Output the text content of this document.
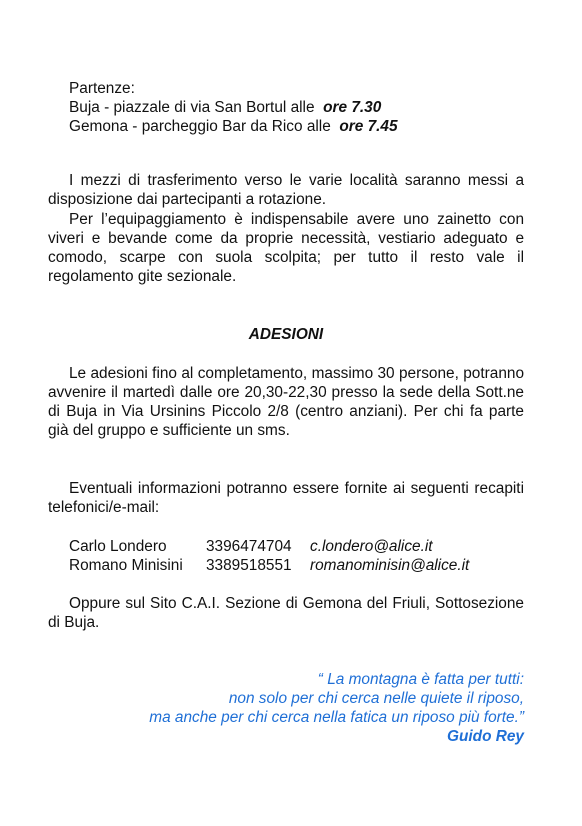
Partenze:
Buja - piazzale di via San Bortul alle ore 7.30
Gemona - parcheggio Bar da Rico alle ore 7.45
I mezzi di trasferimento verso le varie località saranno messi a disposizione dai partecipanti a rotazione.
Per l’equipaggiamento è indispensabile avere uno zainetto con viveri e bevande come da proprie necessità, vestiario adeguato e comodo, scarpe con suola scolpita; per tutto il resto vale il regolamento gite sezionale.
ADESIONI
Le adesioni fino al completamento, massimo 30 persone, potranno avvenire il martedì dalle ore 20,30-22,30 presso la sede della Sott.ne di Buja in Via Ursinins Piccolo 2/8 (centro anziani). Per chi fa parte già del gruppo e sufficiente un sms.
Eventuali informazioni potranno essere fornite ai seguenti recapiti telefonici/e-mail:
Carlo Londero	3396474704	c.londero@alice.it
Romano Minisini	3389518551	romanominisin@alice.it
Oppure sul Sito C.A.I. Sezione di Gemona del Friuli, Sottosezione di Buja.
“ La montagna è fatta per tutti:
non solo per chi cerca nelle quiete il riposo,
ma anche per chi cerca nella fatica un riposo più forte.”
Guido Rey
